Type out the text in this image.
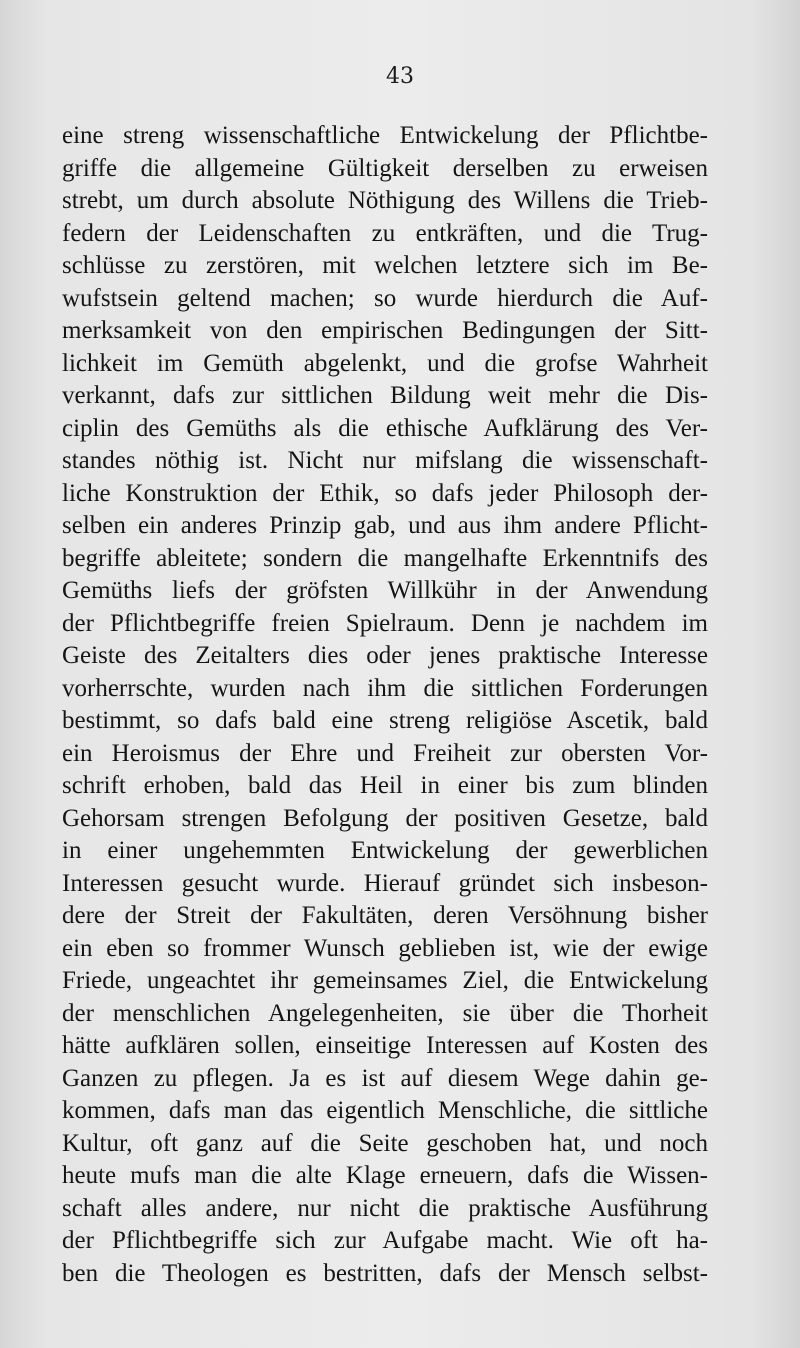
43
eine streng wissenschaftliche Entwickelung der Pflichtbe-
griffe die allgemeine Gültigkeit derselben zu erweisen
strebt, um durch absolute Nöthigung des Willens die Trieb-
federn der Leidenschaften zu entkräften, und die Trug-
schlüsse zu zerstören, mit welchen letztere sich im Be-
wufstsein geltend machen; so wurde hierdurch die Auf-
merksamkeit von den empirischen Bedingungen der Sitt-
lichkeit im Gemüth abgelenkt, und die grofse Wahrheit
verkannt, dafs zur sittlichen Bildung weit mehr die Dis-
ciplin des Gemüths als die ethische Aufklärung des Ver-
standes nöthig ist. Nicht nur mifslang die wissenschaft-
liche Konstruktion der Ethik, so dafs jeder Philosoph der-
selben ein anderes Prinzip gab, und aus ihm andere Pflicht-
begriffe ableitete; sondern die mangelhafte Erkenntnifs des
Gemüths liefs der gröfsten Willkühr in der Anwendung
der Pflichtbegriffe freien Spielraum. Denn je nachdem im
Geiste des Zeitalters dies oder jenes praktische Interesse
vorherrschte, wurden nach ihm die sittlichen Forderungen
bestimmt, so dafs bald eine streng religiöse Ascetik, bald
ein Heroismus der Ehre und Freiheit zur obersten Vor-
schrift erhoben, bald das Heil in einer bis zum blinden
Gehorsam strengen Befolgung der positiven Gesetze, bald
in einer ungehemmten Entwickelung der gewerblichen
Interessen gesucht wurde. Hierauf gründet sich insbeson-
dere der Streit der Fakultäten, deren Versöhnung bisher
ein eben so frommer Wunsch geblieben ist, wie der ewige
Friede, ungeachtet ihr gemeinsames Ziel, die Entwickelung
der menschlichen Angelegenheiten, sie über die Thorheit
hätte aufklären sollen, einseitige Interessen auf Kosten des
Ganzen zu pflegen. Ja es ist auf diesem Wege dahin ge-
kommen, dafs man das eigentlich Menschliche, die sittliche
Kultur, oft ganz auf die Seite geschoben hat, und noch
heute mufs man die alte Klage erneuern, dafs die Wissen-
schaft alles andere, nur nicht die praktische Ausführung
der Pflichtbegriffe sich zur Aufgabe macht. Wie oft ha-
ben die Theologen es bestritten, dafs der Mensch selbst-
